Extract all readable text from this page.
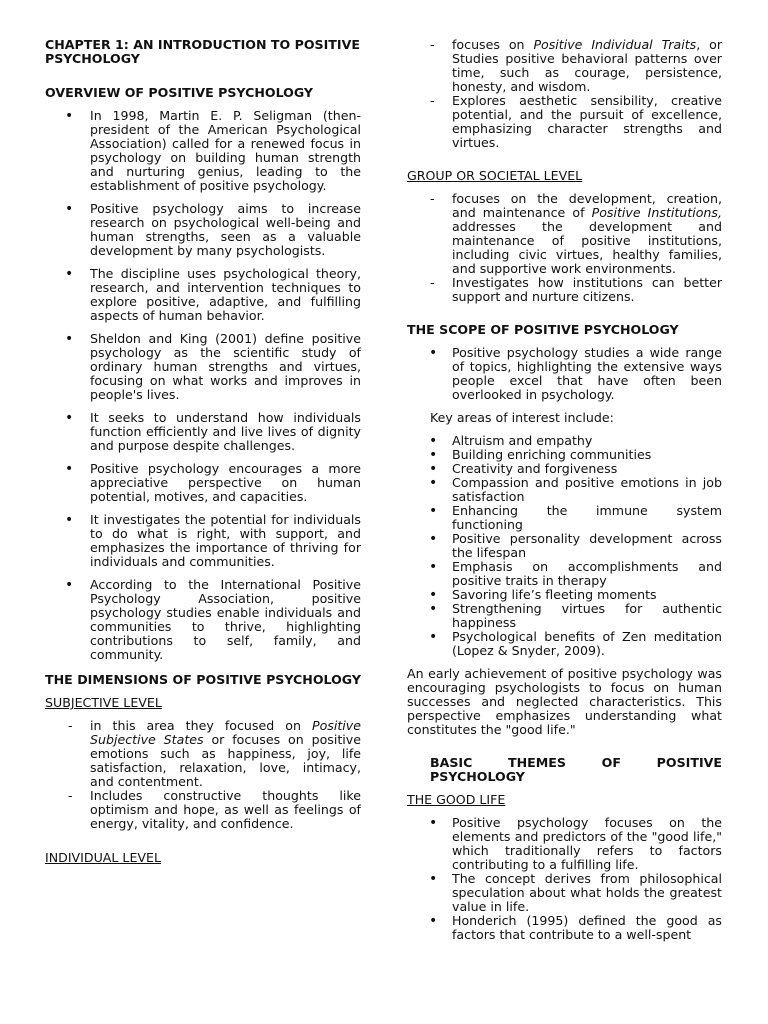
CHAPTER 1: AN INTRODUCTION TO POSITIVE PSYCHOLOGY

OVERVIEW OF POSITIVE PSYCHOLOGY

• In 1998, Martin E. P. Seligman (then-president of the American Psychological Association) called for a renewed focus in psychology on building human strength and nurturing genius, leading to the establishment of positive psychology.
• Positive psychology aims to increase research on psychological well-being and human strengths, seen as a valuable development by many psychologists.
• The discipline uses psychological theory, research, and intervention techniques to explore positive, adaptive, and fulfilling aspects of human behavior.
• Sheldon and King (2001) define positive psychology as the scientific study of ordinary human strengths and virtues, focusing on what works and improves in people's lives.
• It seeks to understand how individuals function efficiently and live lives of dignity and purpose despite challenges.
• Positive psychology encourages a more appreciative perspective on human potential, motives, and capacities.
• It investigates the potential for individuals to do what is right, with support, and emphasizes the importance of thriving for individuals and communities.
• According to the International Positive Psychology Association, positive psychology studies enable individuals and communities to thrive, highlighting contributions to self, family, and community.

THE DIMENSIONS OF POSITIVE PSYCHOLOGY

SUBJECTIVE LEVEL

- in this area they focused on Positive Subjective States or focuses on positive emotions such as happiness, joy, life satisfaction, relaxation, love, intimacy, and contentment.
- Includes constructive thoughts like optimism and hope, as well as feelings of energy, vitality, and confidence.

INDIVIDUAL LEVEL

- focuses on Positive Individual Traits, or Studies positive behavioral patterns over time, such as courage, persistence, honesty, and wisdom.
- Explores aesthetic sensibility, creative potential, and the pursuit of excellence, emphasizing character strengths and virtues.

GROUP OR SOCIETAL LEVEL

- focuses on the development, creation, and maintenance of Positive Institutions, addresses the development and maintenance of positive institutions, including civic virtues, healthy families, and supportive work environments.
- Investigates how institutions can better support and nurture citizens.

THE SCOPE OF POSITIVE PSYCHOLOGY

• Positive psychology studies a wide range of topics, highlighting the extensive ways people excel that have often been overlooked in psychology.

Key areas of interest include:

• Altruism and empathy
• Building enriching communities
• Creativity and forgiveness
• Compassion and positive emotions in job satisfaction
• Enhancing the immune system functioning
• Positive personality development across the lifespan
• Emphasis on accomplishments and positive traits in therapy
• Savoring life’s fleeting moments
• Strengthening virtues for authentic happiness
• Psychological benefits of Zen meditation (Lopez & Snyder, 2009).

An early achievement of positive psychology was encouraging psychologists to focus on human successes and neglected characteristics. This perspective emphasizes understanding what constitutes the "good life."

BASIC THEMES OF POSITIVE PSYCHOLOGY

THE GOOD LIFE

• Positive psychology focuses on the elements and predictors of the "good life," which traditionally refers to factors contributing to a fulfilling life.
• The concept derives from philosophical speculation about what holds the greatest value in life.
• Honderich (1995) defined the good as factors that contribute to a well-spent
